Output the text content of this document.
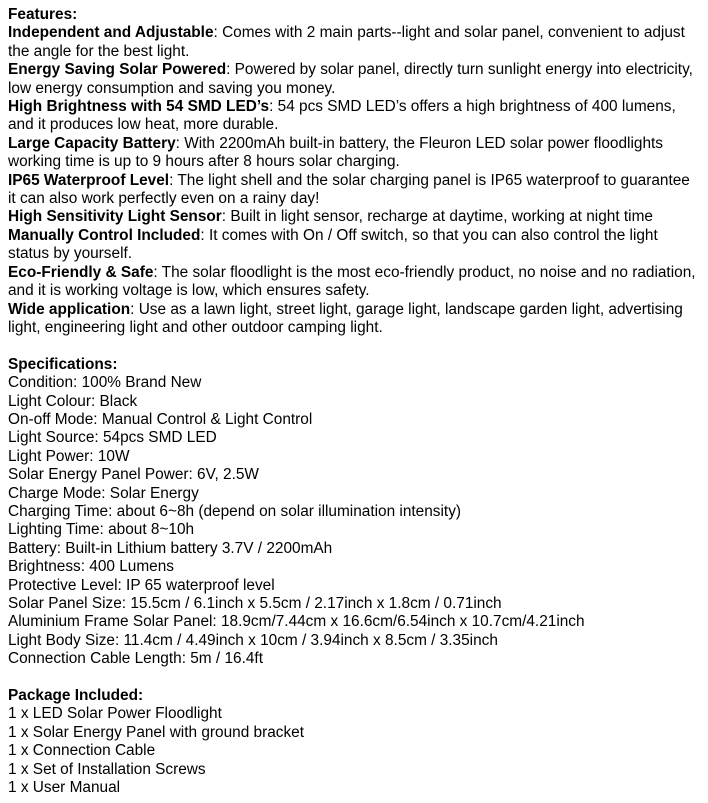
Features:
Independent and Adjustable: Comes with 2 main parts--light and solar panel, convenient to adjust the angle for the best light.
Energy Saving Solar Powered: Powered by solar panel, directly turn sunlight energy into electricity, low energy consumption and saving you money.
High Brightness with 54 SMD LED’s: 54 pcs SMD LED’s offers a high brightness of 400 lumens, and it produces low heat, more durable.
Large Capacity Battery: With 2200mAh built-in battery, the Fleuron LED solar power floodlights working time is up to 9 hours after 8 hours solar charging.
IP65 Waterproof Level: The light shell and the solar charging panel is IP65 waterproof to guarantee it can also work perfectly even on a rainy day!
High Sensitivity Light Sensor: Built in light sensor, recharge at daytime, working at night time
Manually Control Included: It comes with On / Off switch, so that you can also control the light status by yourself.
Eco-Friendly & Safe: The solar floodlight is the most eco-friendly product, no noise and no radiation, and it is working voltage is low, which ensures safety.
Wide application: Use as a lawn light, street light, garage light, landscape garden light, advertising light, engineering light and other outdoor camping light.
Specifications:
Condition: 100% Brand New
Light Colour: Black
On-off Mode: Manual Control & Light Control
Light Source: 54pcs SMD LED
Light Power: 10W
Solar Energy Panel Power: 6V, 2.5W
Charge Mode: Solar Energy
Charging Time: about 6~8h (depend on solar illumination intensity)
Lighting Time: about 8~10h
Battery: Built-in Lithium battery 3.7V / 2200mAh
Brightness: 400 Lumens
Protective Level: IP 65 waterproof level
Solar Panel Size: 15.5cm / 6.1inch x 5.5cm / 2.17inch x 1.8cm / 0.71inch
Aluminium Frame Solar Panel: 18.9cm/7.44cm x 16.6cm/6.54inch x 10.7cm/4.21inch
Light Body Size: 11.4cm / 4.49inch x 10cm / 3.94inch x 8.5cm / 3.35inch
Connection Cable Length: 5m / 16.4ft
Package Included:
1 x LED Solar Power Floodlight
1 x Solar Energy Panel with ground bracket
1 x Connection Cable
1 x Set of Installation Screws
1 x User Manual
